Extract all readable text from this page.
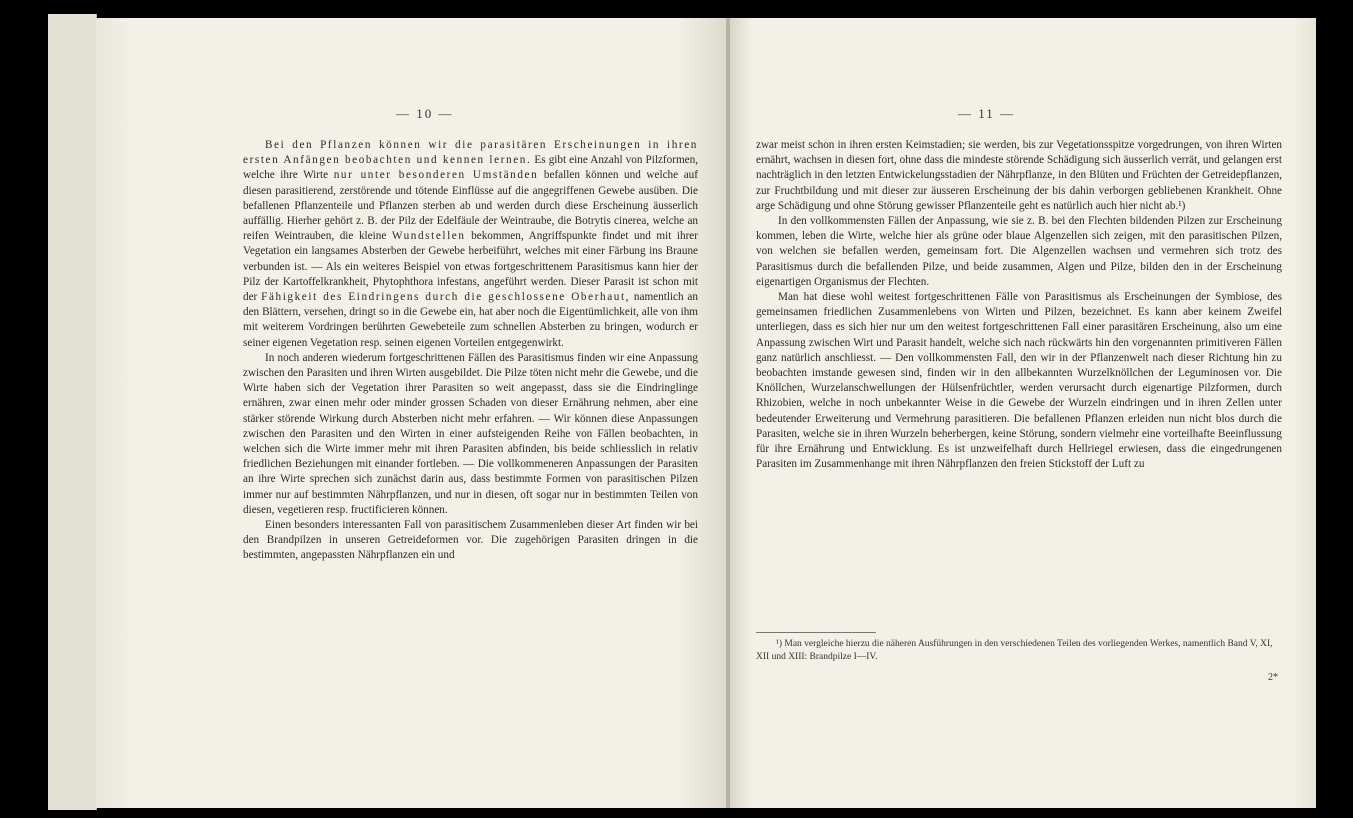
— 10 —

Bei den Pflanzen können wir die parasitären Erscheinungen in ihren ersten Anfängen beobachten und kennen lernen. Es gibt eine Anzahl von Pilzformen, welche ihre Wirte nur unter besonderen Umständen befallen können und welche auf diesen parasitierend, zerstörende und tötende Einflüsse auf die angegriffenen Gewebe ausüben. Die befallenen Pflanzenteile und Pflanzen sterben ab und werden durch diese Erscheinung äusserlich auffällig. Hierher gehört z. B. der Pilz der Edelfäule der Weintraube, die Botrytis cinerea, welche an reifen Weintrauben, die kleine Wundstellen bekommen, Angriffspunkte findet und mit ihrer Vegetation ein langsames Absterben der Gewebe herbeiführt, welches mit einer Färbung ins Braune verbunden ist. — Als ein weiteres Beispiel von etwas fortgeschrittenem Parasitismus kann hier der Pilz der Kartoffelkrankheit, Phytophthora infestans, angeführt werden. Dieser Parasit ist schon mit der Fähigkeit des Eindringens durch die geschlossene Oberhaut, namentlich an den Blättern, versehen, dringt so in die Gewebe ein, hat aber noch die Eigentümlichkeit, alle von ihm mit weiterem Vordringen berührten Gewebeteile zum schnellen Absterben zu bringen, wodurch er seiner eigenen Vegetation resp. seinen eigenen Vorteilen entgegenwirkt.

In noch anderen wiederum fortgeschrittenen Fällen des Parasitismus finden wir eine Anpassung zwischen den Parasiten und ihren Wirten ausgebildet. Die Pilze töten nicht mehr die Gewebe, und die Wirte haben sich der Vegetation ihrer Parasiten so weit angepasst, dass sie die Eindringlinge ernähren, zwar einen mehr oder minder grossen Schaden von dieser Ernährung nehmen, aber eine stärker störende Wirkung durch Absterben nicht mehr erfahren. — Wir können diese Anpassungen zwischen den Parasiten und den Wirten in einer aufsteigenden Reihe von Fällen beobachten, in welchen sich die Wirte immer mehr mit ihren Parasiten abfinden, bis beide schliesslich in relativ friedlichen Beziehungen mit einander fortleben. — Die vollkommeneren Anpassungen der Parasiten an ihre Wirte sprechen sich zunächst darin aus, dass bestimmte Formen von parasitischen Pilzen immer nur auf bestimmten Nährpflanzen, und nur in diesen, oft sogar nur in bestimmten Teilen von diesen, vegetieren resp. fructificieren können.

Einen besonders interessanten Fall von parasitischem Zusammenleben dieser Art finden wir bei den Brandpilzen in unseren Getreideformen vor. Die zugehörigen Parasiten dringen in die bestimmten, angepassten Nährpflanzen ein und

— 11 —

zwar meist schon in ihren ersten Keimstadien; sie werden, bis zur Vegetationsspitze vorgedrungen, von ihren Wirten ernährt, wachsen in diesen fort, ohne dass die mindeste störende Schädigung sich äusserlich verrät, und gelangen erst nachträglich in den letzten Entwickelungsstadien der Nährpflanze, in den Blüten und Früchten der Getreidepflanzen, zur Fruchtbildung und mit dieser zur äusseren Erscheinung der bis dahin verborgen gebliebenen Krankheit. Ohne arge Schädigung und ohne Störung gewisser Pflanzenteile geht es natürlich auch hier nicht ab.¹)

In den vollkommensten Fällen der Anpassung, wie sie z. B. bei den Flechten bildenden Pilzen zur Erscheinung kommen, leben die Wirte, welche hier als grüne oder blaue Algenzellen sich zeigen, mit den parasitischen Pilzen, von welchen sie befallen werden, gemeinsam fort. Die Algenzellen wachsen und vermehren sich trotz des Parasitismus durch die befallenden Pilze, und beide zusammen, Algen und Pilze, bilden den in der Erscheinung eigenartigen Organismus der Flechten.

Man hat diese wohl weitest fortgeschrittenen Fälle von Parasitismus als Erscheinungen der Symbiose, des gemeinsamen friedlichen Zusammenlebens von Wirten und Pilzen, bezeichnet. Es kann aber keinem Zweifel unterliegen, dass es sich hier nur um den weitest fortgeschrittenen Fall einer parasitären Erscheinung, also um eine Anpassung zwischen Wirt und Parasit handelt, welche sich nach rückwärts hin den vorgenannten primitiveren Fällen ganz natürlich anschliesst. — Den vollkommensten Fall, den wir in der Pflanzenwelt nach dieser Richtung hin zu beobachten imstande gewesen sind, finden wir in den allbekannten Wurzelknöllchen der Leguminosen vor. Die Knöllchen, Wurzelanschwellungen der Hülsenfrüchtler, werden verursacht durch eigenartige Pilzformen, durch Rhizobien, welche in noch unbekannter Weise in die Gewebe der Wurzeln eindringen und in ihren Zellen unter bedeutender Erweiterung und Vermehrung parasitieren. Die befallenen Pflanzen erleiden nun nicht blos durch die Parasiten, welche sie in ihren Wurzeln beherbergen, keine Störung, sondern vielmehr eine vorteilhafte Beeinflussung für ihre Ernährung und Entwicklung. Es ist unzweifelhaft durch Hellriegel erwiesen, dass die eingedrungenen Parasiten im Zusammenhange mit ihren Nährpflanzen den freien Stickstoff der Luft zu

¹) Man vergleiche hierzu die näheren Ausführungen in den verschiedenen Teilen des vorliegenden Werkes, namentlich Band V, XI, XII und XIII: Brandpilze I—IV.
2*
